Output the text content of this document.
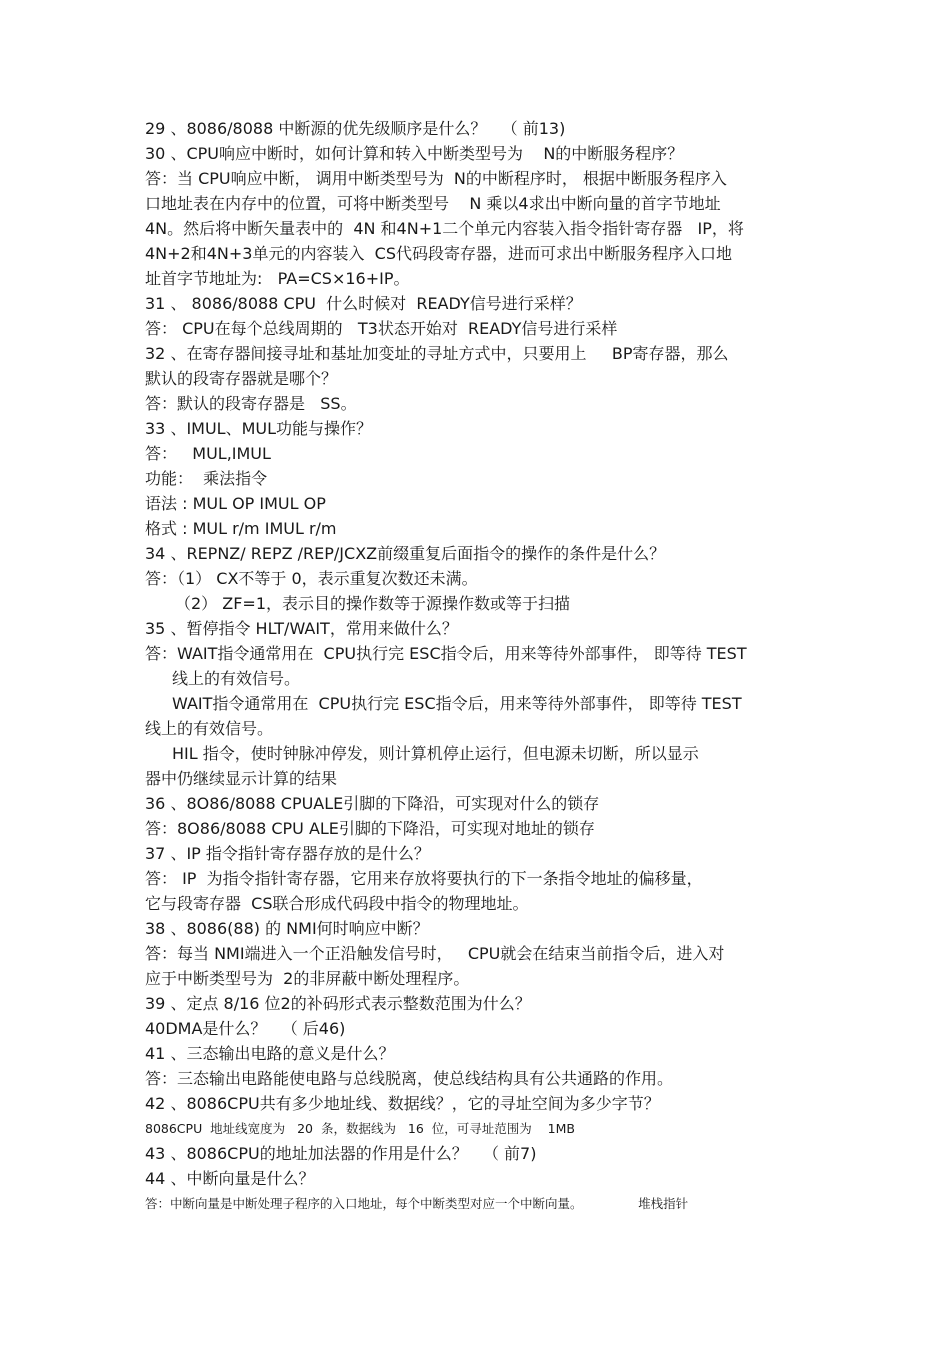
29 、8086/8088 中断源的优先级顺序是什么？   （ 前13)
30 、CPU响应中断时，如何计算和转入中断类型号为    N的中断服务程序？
答：当 CPU响应中断， 调用中断类型号为  N的中断程序时， 根据中断服务程序入
口地址表在内存中的位置，可将中断类型号    N 乘以4求出中断向量的首字节地址
4N。然后将中断矢量表中的  4N 和4N+1二个单元内容装入指令指针寄存器   IP，将
4N+2和4N+3单元的内容装入  CS代码段寄存器，进而可求出中断服务程序入口地
址首字节地址为:   PA=CS×16+IP。
31 、 8086/8088 CPU  什么时候对  READY信号进行采样？
答： CPU在每个总线周期的   T3状态开始对  READY信号进行采样
32 、在寄存器间接寻址和基址加变址的寻址方式中，只要用上     BP寄存器，那么
默认的段寄存器就是哪个？
答：默认的段寄存器是   SS。
33 、IMUL、MUL功能与操作？
答：   MUL,IMUL
功能：  乘法指令
语法 : MUL OP IMUL OP
格式 : MUL r/m IMUL r/m
34 、REPNZ/ REPZ /REP/JCXZ前缀重复后面指令的操作的条件是什么？
答：（1） CX不等于 0，表示重复次数还未满。
（2） ZF=1，表示目的操作数等于源操作数或等于扫描
35 、暂停指令 HLT/WAIT，常用来做什么？
答：WAIT指令通常用在  CPU执行完 ESC指令后，用来等待外部事件， 即等待 TEST
线上的有效信号。
WAIT指令通常用在  CPU执行完 ESC指令后，用来等待外部事件， 即等待 TEST
线上的有效信号。
HIL 指令，使时钟脉冲停发，则计算机停止运行，但电源未切断，所以显示
器中仍继续显示计算的结果
36 、8O86/8088 CPUALE引脚的下降沿，可实现对什么的锁存
答：8O86/8088 CPU ALE引脚的下降沿，可实现对地址的锁存
37 、IP 指令指针寄存器存放的是什么？
答： IP  为指令指针寄存器，它用来存放将要执行的下一条指令地址的偏移量，
它与段寄存器  CS联合形成代码段中指令的物理地址。
38 、8086(88) 的 NMI何时响应中断？
答：每当 NMI端进入一个正沿触发信号时，   CPU就会在结束当前指令后，进入对
应于中断类型号为  2的非屏蔽中断处理程序。
39 、定点 8/16 位2的补码形式表示整数范围为什么？
40DMA是什么？   （ 后46)
41 、三态输出电路的意义是什么？
答：三态输出电路能使电路与总线脱离，使总线结构具有公共通路的作用。
42 、8086CPU共有多少地址线、数据线？，它的寻址空间为多少字节？
8086CPU  地址线宽度为   20  条，数据线为   16  位，可寻址范围为    1MB
43 、8086CPU的地址加法器的作用是什么？   （ 前7)
44 、中断向量是什么？
答：中断向量是中断处理子程序的入口地址，每个中断类型对应一个中断向量。              堆栈指针
